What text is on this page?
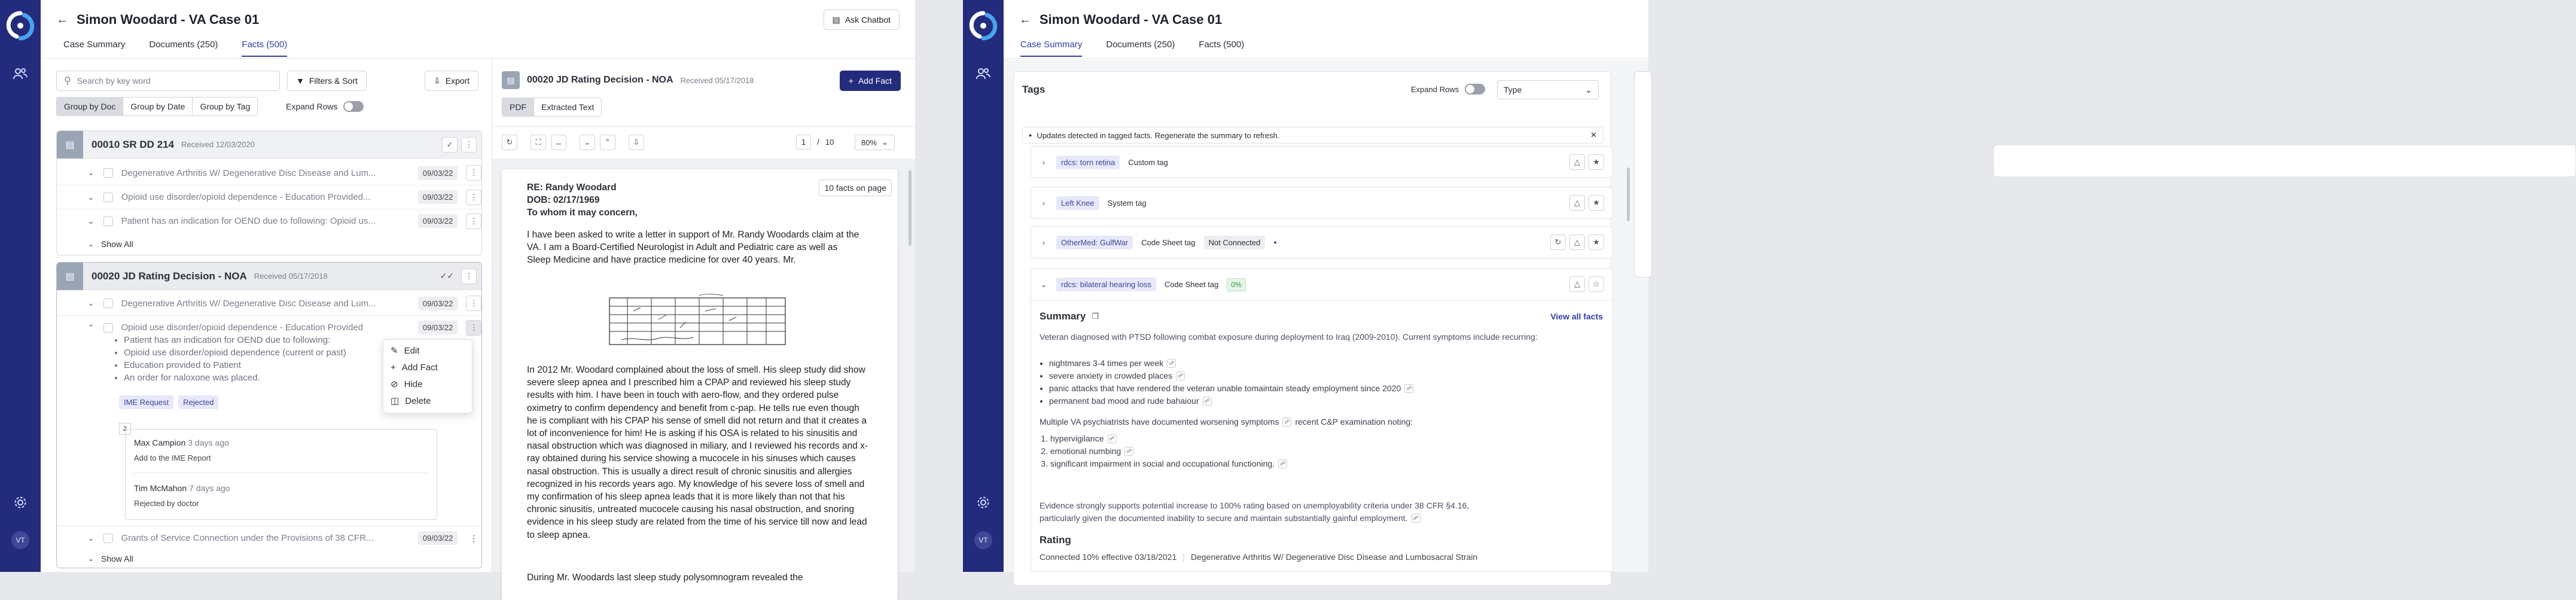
VT
← Simon Woodard - VA Case 01	▤ Ask Chatbot
Case Summary	Documents (250)	Facts (500)
⚲ Search by key word	▼ Filters & Sort	⇩ Export
Group by Doc	Group by Date	Group by Tag	Expand Rows
▤ 00010 SR DD 214 Received 12/03/2020	✓	⋮
⌄	Degenerative Arthritis W/ Degenerative Disc Disease and Lum...	09/03/22	⋮
⌄	Opioid use disorder/opioid dependence - Education Provided...	09/03/22	⋮
⌄	Patient has an indication for OEND due to following: Opioid us...	09/03/22	⋮
⌄ Show All
▤ 00020 JD Rating Decision - NOA Received 05/17/2018	✓✓	⋮
⌄	Degenerative Arthritis W/ Degenerative Disc Disease and Lum...	09/03/22	⋮
⌃	Opioid use disorder/opioid dependence - Education Provided	09/03/22	⋮
• Patient has an indication for OEND due to following:
• Opioid use disorder/opioid dependence (current or past)
• Education provided to Patient
• An order for naloxone was placed.
IME Request	Rejected
2
Max Campion 3 days ago
Add to the IME Report
Tim McMahon 7 days ago
Rejected by doctor
⌄	Grants of Service Connection under the Provisions of 38 CFR...	09/03/22	⋮
⌄ Show All
✎ Edit
+ Add Fact
⊘ Hide
◫ Delete
▤	00020 JD Rating Decision - NOA Received 05/17/2018	+ Add Fact
PDF	Extracted Text
↻	⛶	↔	⌄	⌃	⇩	1	/ 10	80% ⌄
10 facts on page
RE: Randy Woodard
DOB: 02/17/1969
To whom it may concern,

I have been asked to write a letter in support of Mr. Randy Woodards claim at the VA. I am a Board-Certified Neurologist in Adult and Pediatric care as well as Sleep Medicine and have practice medicine for over 40 years. Mr.

In 2012 Mr. Woodard complained about the loss of smell. His sleep study did show severe sleep apnea and I prescribed him a CPAP and reviewed his sleep study results with him. I have been in touch with aero-flow, and they ordered pulse oximetry to confirm dependency and benefit from c-pap. He tells rue even though he is compliant with his CPAP his sense of smell did not return and that it creates a lot of inconvenience for him! He is asking if his OSA is related to his sinusitis and nasal obstruction which was diagnosed in miliary, and I reviewed his records and x-ray obtained during his service showing a mucocele in his sinuses which causes nasal obstruction. This is usually a direct result of chronic sinusitis and allergies recognized in his records years ago. My knowledge of his severe loss of smell and my confirmation of his sleep apnea leads that it is more likely than not that his chronic sinusitis, untreated mucocele causing his nasal obstruction, and snoring evidence in his sleep study are related from the time of his service till now and lead to sleep apnea.

During Mr. Woodards last sleep study polysomnogram revealed the

VT
← Simon Woodard - VA Case 01
Case Summary	Documents (250)	Facts (500)
Tags	Expand Rows	Type	⌄
● Updates detected in tagged facts. Regenerate the summary to refresh.	✕
›	rdcs: torn retina	Custom tag	△	★
›	Left Knee	System tag	△	★
›	OtherMed: GulfWar	Code Sheet tag	Not Connected	●	↻	△	★
⌄	rdcs: bilateral hearing loss	Code Sheet tag	0%	△	☆
Summary ❐	View all facts
Veteran diagnosed with PTSD following combat exposure during deployment to Iraq (2009-2010). Current symptoms include recurring:
• nightmares 3-4 times per week ☍
• severe anxiety in crowded places ☍
• panic attacks that have rendered the veteran unable tomaintain steady employment since 2020 ☍
• permanent bad mood and rude bahaiour ☍
Multiple VA psychiatrists have documented worsening symptoms ☍ recent C&P examination noting:
1. hypervigilance ☍
2. emotional numbing ☍
3. significant impairment in social and occupational functioning. ☍
Evidence strongly supports potential increase to 100% rating based on unemployability criteria under 38 CFR §4.16,
particularly given the documented inability to secure and maintain substantially gainful employment. ☍
Rating
Connected 10% effective 03/18/2021 | Degenerative Arthritis W/ Degenerative Disc Disease and Lumbosacral Strain
